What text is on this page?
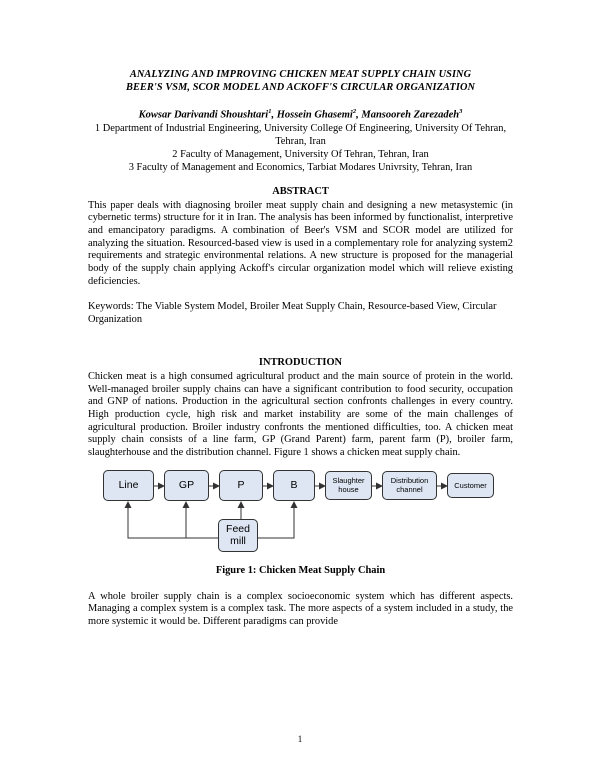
ANALYZING AND IMPROVING CHICKEN MEAT SUPPLY CHAIN USING
BEER'S VSM, SCOR MODEL AND ACKOFF'S CIRCULAR ORGANIZATION
Kowsar Darivandi Shoushtari$^1$, Hossein Ghasemi$^2$, Mansooreh Zarezadeh$^3$
1 Department of Industrial Engineering, University College Of Engineering, University Of Tehran, Tehran, Iran
2 Faculty of Management, University Of Tehran, Tehran, Iran
3 Faculty of Management and Economics, Tarbiat Modares Univrsity, Tehran, Iran
ABSTRACT

This paper deals with diagnosing broiler meat supply chain and designing a new metasystemic (in cybernetic terms) structure for it in Iran. The analysis has been informed by functionalist, interpretive and emancipatory paradigms. A combination of Beer's VSM and SCOR model are utilized for analyzing the situation. Resourced-based view is used in a complementary role for analyzing system2 requirements and strategic environmental relations. A new structure is proposed for the managerial body of the supply chain applying Ackoff's circular organization model which will relieve existing deficiencies.

Keywords: The Viable System Model, Broiler Meat Supply Chain, Resource-based View, Circular Organization

INTRODUCTION

Chicken meat is a high consumed agricultural product and the main source of protein in the world. Well-managed broiler supply chains can have a significant contribution to food security, occupation and GNP of nations. Production in the agricultural section confronts challenges in every country. High production cycle, high risk and market instability are some of the main challenges of agricultural production. Broiler industry confronts the mentioned difficulties, too. A chicken meat supply chain consists of a line farm, GP (Grand Parent) farm, parent farm (P), broiler farm, slaughterhouse and the distribution channel. Figure 1 shows a chicken meat supply chain.

Line	GP	P	B	Slaughter
house
Distribution
channel	Customer
Feed
mill
Figure 1: Chicken Meat Supply Chain

A whole broiler supply chain is a complex socioeconomic system which has different aspects. Managing a complex system is a complex task. The more aspects of a system included in a study, the more systemic it would be. Different paradigms can provide

1
